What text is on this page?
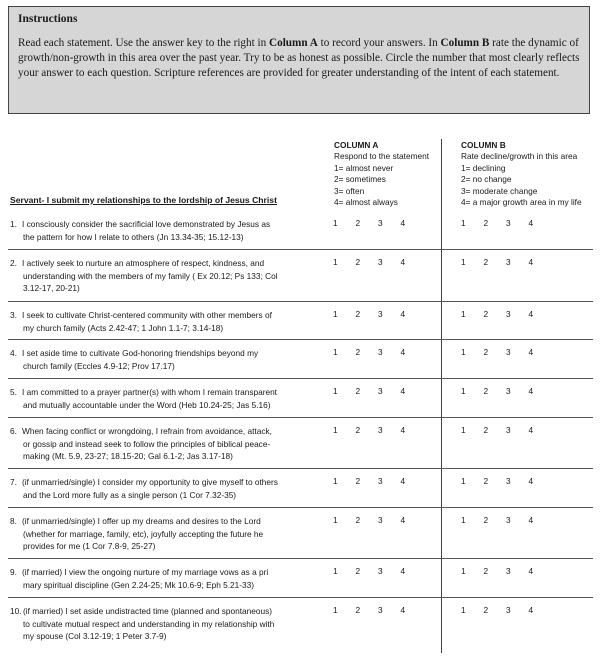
Instructions
Read each statement. Use the answer key to the right in Column A to record your answers. In Column B rate the dynamic of growth/non-growth in this area over the past year. Try to be as honest as possible. Circle the number that most clearly reflects your answer to each question. Scripture references are provided for greater understanding of the intent of each statement.
COLUMN A
Respond to the statement
1= almost never
2= sometimes
3= often
4= almost always
COLUMN B
Rate decline/growth in this area
1= declining
2= no change
3= moderate change
4= a major growth area in my life
Servant- I submit my relationships to the lordship of Jesus Christ
1. I consciously consider the sacrificial love demonstrated by Jesus as
the pattern for how I relate to others (Jn 13.34-35; 15.12-13)
1	2	3	4	1	2	3	4
2. I actively seek to nurture an atmosphere of respect, kindness, and
understanding with the members of my family ( Ex 20.12; Ps 133; Col
3.12-17, 20-21)
1	2	3	4	1	2	3	4
3. I seek to cultivate Christ-centered community with other members of
my church family (Acts 2.42-47; 1 John 1.1-7; 3.14-18)
1	2	3	4	1	2	3	4
4. I set aside time to cultivate God-honoring friendships beyond my
church family (Eccles 4.9-12; Prov 17.17)
1	2	3	4	1	2	3	4
5. I am committed to a prayer partner(s) with whom I remain transparent
and mutually accountable under the Word (Heb 10.24-25; Jas 5.16)
1	2	3	4	1	2	3	4
6. When facing conflict or wrongdoing, I refrain from avoidance, attack,
or gossip and instead seek to follow the principles of biblical peace-
making (Mt. 5.9, 23-27; 18.15-20; Gal 6.1-2; Jas 3.17-18)
1	2	3	4	1	2	3	4
7. (if unmarried/single) I consider my opportunity to give myself to others
and the Lord more fully as a single person (1 Cor 7.32-35)
1	2	3	4	1	2	3	4
8. (if unmarried/single) I offer up my dreams and desires to the Lord
(whether for marriage, family, etc), joyfully accepting the future he
provides for me (1 Cor 7.8-9, 25-27)
1	2	3	4	1	2	3	4
9. (if married) I view the ongoing nurture of my marriage vows as a pri
mary spiritual discipline (Gen 2.24-25; Mk 10.6-9; Eph 5.21-33)
1	2	3	4	1	2	3	4
10.(if married) I set aside undistracted time (planned and spontaneous)
to cultivate mutual respect and understanding in my relationship with
my spouse (Col 3.12-19; 1 Peter 3.7-9)
1	2	3	4	1	2	3	4
